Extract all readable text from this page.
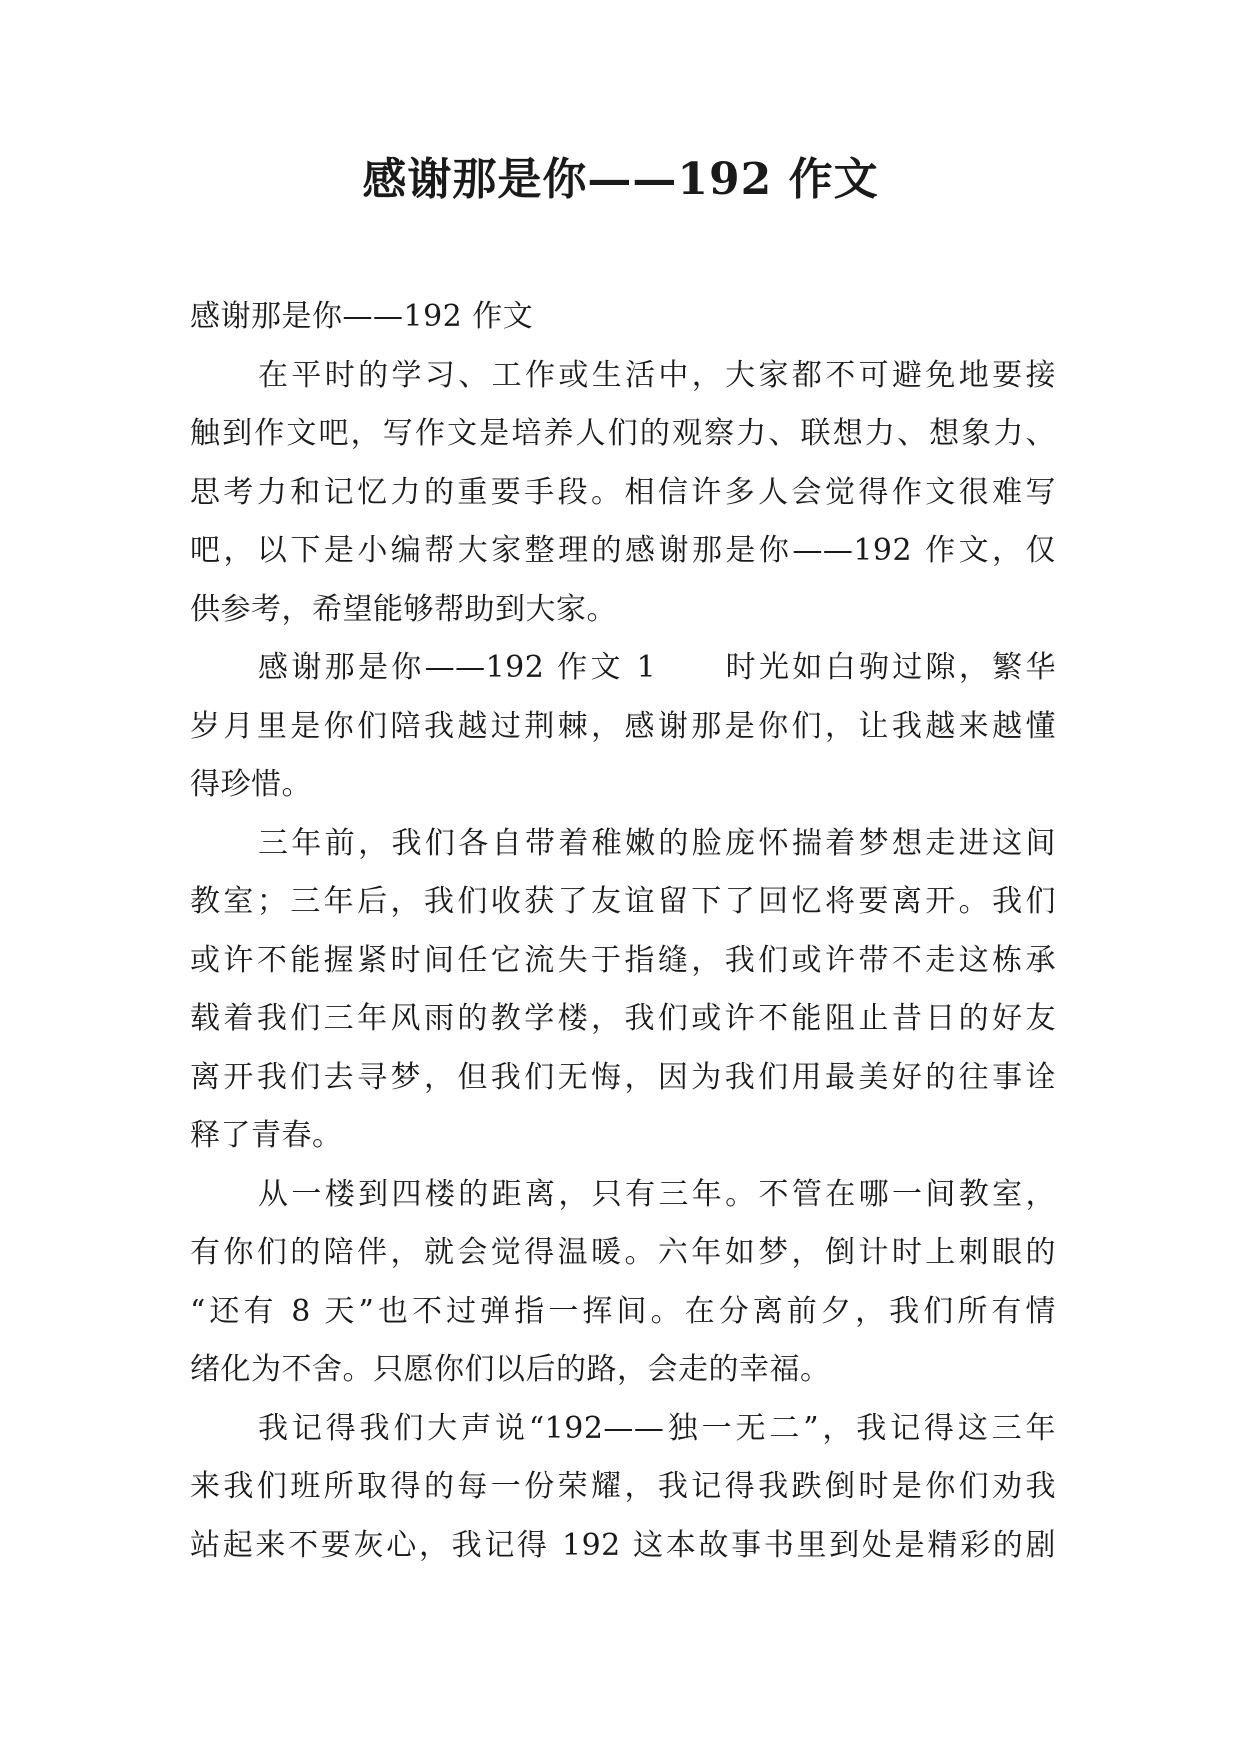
感谢那是你——192 作文
感谢那是你——192 作文
在平时的学习、工作或生活中，大家都不可避免地要接
触到作文吧，写作文是培养人们的观察力、联想力、想象力、
思考力和记忆力的重要手段。相信许多人会觉得作文很难写
吧，以下是小编帮大家整理的感谢那是你——192 作文，仅
供参考，希望能够帮助到大家。
感谢那是你——192 作文 1　　时光如白驹过隙，繁华
岁月里是你们陪我越过荆棘，感谢那是你们，让我越来越懂
得珍惜。
三年前，我们各自带着稚嫩的脸庞怀揣着梦想走进这间
教室；三年后，我们收获了友谊留下了回忆将要离开。我们
或许不能握紧时间任它流失于指缝，我们或许带不走这栋承
载着我们三年风雨的教学楼，我们或许不能阻止昔日的好友
离开我们去寻梦，但我们无悔，因为我们用最美好的往事诠
释了青春。
从一楼到四楼的距离，只有三年。不管在哪一间教室，
有你们的陪伴，就会觉得温暖。六年如梦，倒计时上刺眼的
“还有 8 天”也不过弹指一挥间。在分离前夕，我们所有情
绪化为不舍。只愿你们以后的路，会走的幸福。
我记得我们大声说“192——独一无二”，我记得这三年
来我们班所取得的每一份荣耀，我记得我跌倒时是你们劝我
站起来不要灰心，我记得 192 这本故事书里到处是精彩的剧
